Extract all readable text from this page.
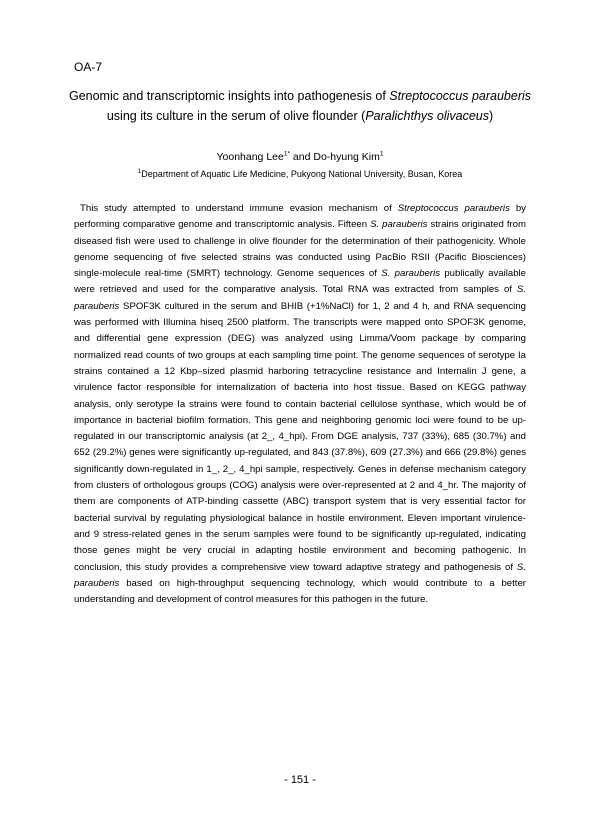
OA-7
Genomic and transcriptomic insights into pathogenesis of Streptococcus parauberis
using its culture in the serum of olive flounder (Paralichthys olivaceus)
Yoonhang Lee$^{1*}$ and Do-hyung Kim$^1$
$^1$Department of Aquatic Life Medicine, Pukyong National University, Busan, Korea
This study attempted to understand immune evasion mechanism of Streptococcus parauberis by performing comparative genome and transcriptomic analysis. Fifteen S. parauberis strains originated from diseased fish were used to challenge in olive flounder for the determination of their pathogenicity. Whole genome sequencing of five selected strains was conducted using PacBio RSII (Pacific Biosciences) single-molecule real-time (SMRT) technology. Genome sequences of S. parauberis publically available were retrieved and used for the comparative analysis. Total RNA was extracted from samples of S. parauberis SPOF3K cultured in the serum and BHIB (+1%NaCl) for 1, 2 and 4 h, and RNA sequencing was performed with Illumina hiseq 2500 platform. The transcripts were mapped onto SPOF3K genome, and differential gene expression (DEG) was analyzed using Limma/Voom package by comparing normalized read counts of two groups at each sampling time point. The genome sequences of serotype Ia strains contained a 12 Kbp–sized plasmid harboring tetracycline resistance and Internalin J gene, a virulence factor responsible for internalization of bacteria into host tissue. Based on KEGG pathway analysis, only serotype Ia strains were found to contain bacterial cellulose synthase, which would be of importance in bacterial biofilm formation. This gene and neighboring genomic loci were found to be up-regulated in our transcriptomic analysis (at 2_, 4_hpi). From DGE analysis, 737 (33%), 685 (30.7%) and 652 (29.2%) genes were significantly up-regulated, and 843 (37.8%), 609 (27.3%) and 666 (29.8%) genes significantly down-regulated in 1_, 2_, 4_hpi sample, respectively. Genes in defense mechanism category from clusters of orthologous groups (COG) analysis were over-represented at 2 and 4_hr. The majority of them are components of ATP-binding cassette (ABC) transport system that is very essential factor for bacterial survival by regulating physiological balance in hostile environment. Eleven important virulence- and 9 stress-related genes in the serum samples were found to be significantly up-regulated, indicating those genes might be very crucial in adapting hostile environment and becoming pathogenic. In conclusion, this study provides a comprehensive view toward adaptive strategy and pathogenesis of S. parauberis based on high-throughput sequencing technology, which would contribute to a better understanding and development of control measures for this pathogen in the future.
- 151 -
